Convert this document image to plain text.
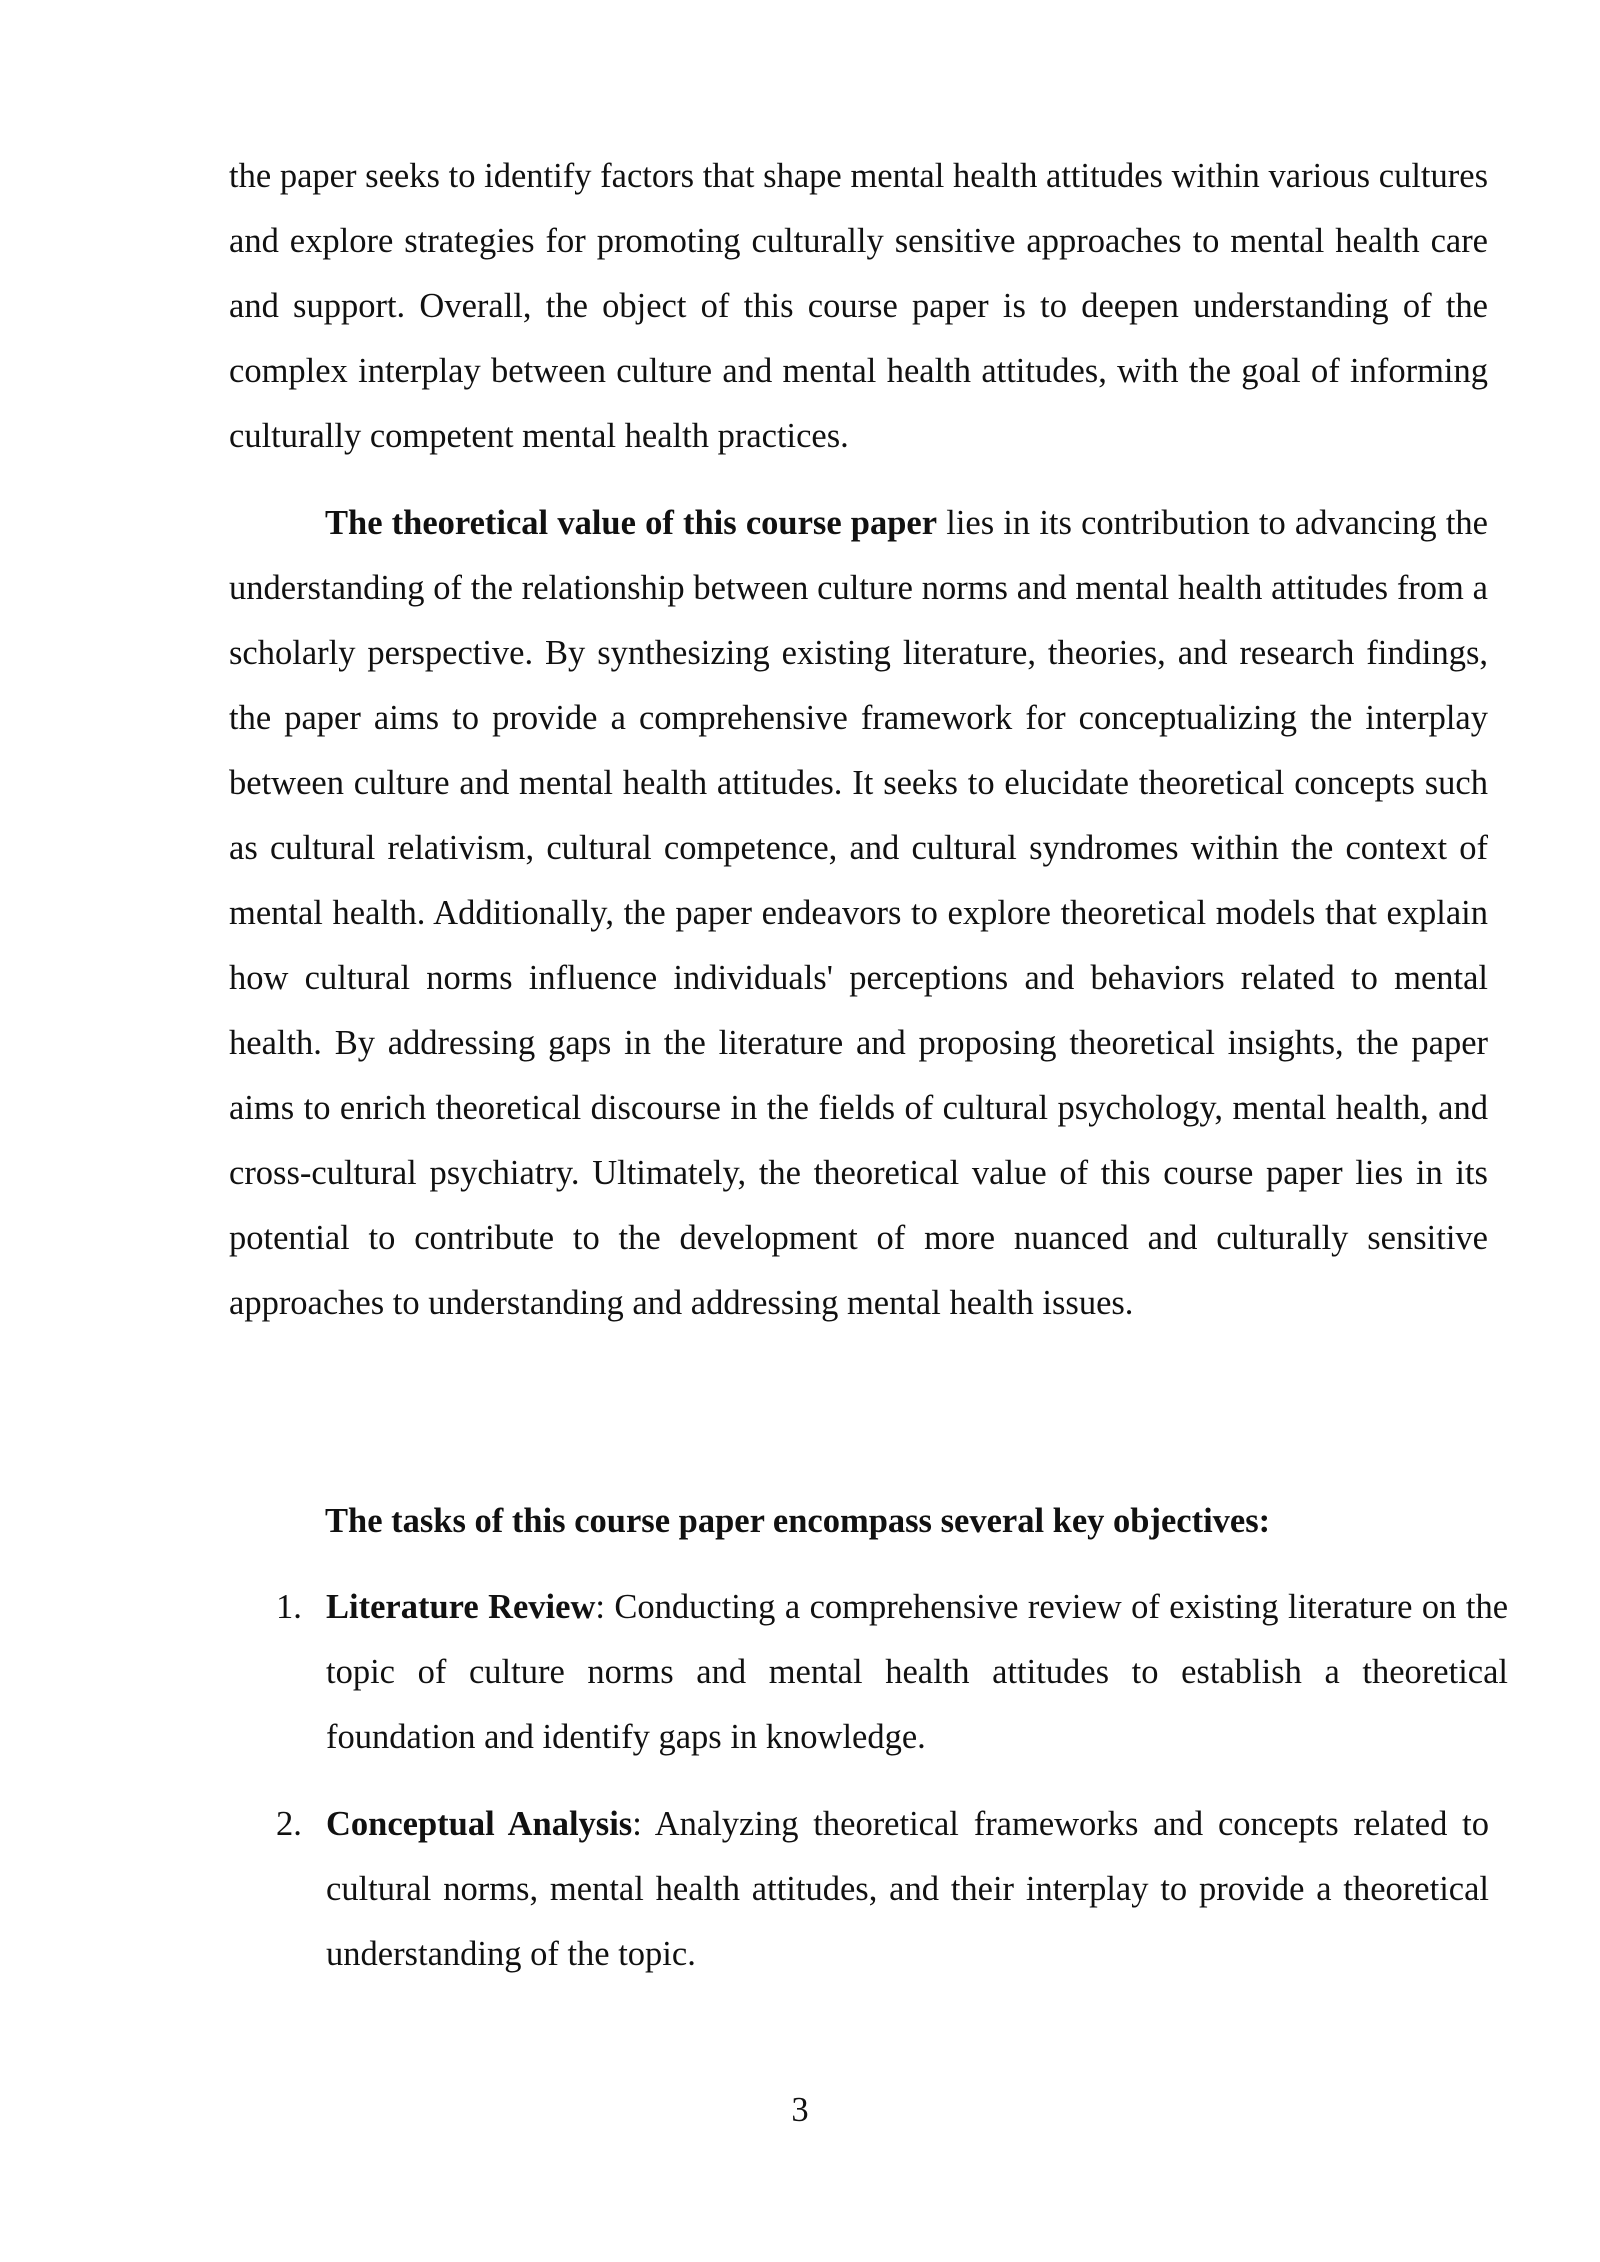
the paper seeks to identify factors that shape mental health attitudes within various cultures and explore strategies for promoting culturally sensitive approaches to mental health care and support. Overall, the object of this course paper is to deepen understanding of the complex interplay between culture and mental health attitudes, with the goal of informing culturally competent mental health practices.

The theoretical value of this course paper lies in its contribution to advancing the understanding of the relationship between culture norms and mental health attitudes from a scholarly perspective. By synthesizing existing literature, theories, and research findings, the paper aims to provide a comprehensive framework for conceptualizing the interplay between culture and mental health attitudes. It seeks to elucidate theoretical concepts such as cultural relativism, cultural competence, and cultural syndromes within the context of mental health. Additionally, the paper endeavors to explore theoretical models that explain how cultural norms influence individuals' perceptions and behaviors related to mental health. By addressing gaps in the literature and proposing theoretical insights, the paper aims to enrich theoretical discourse in the fields of cultural psychology, mental health, and cross-cultural psychiatry. Ultimately, the theoretical value of this course paper lies in its potential to contribute to the development of more nuanced and culturally sensitive approaches to understanding and addressing mental health issues.

The tasks of this course paper encompass several key objectives:

1. Literature Review: Conducting a comprehensive review of existing literature on the topic of culture norms and mental health attitudes to establish a theoretical foundation and identify gaps in knowledge.

2. Conceptual Analysis: Analyzing theoretical frameworks and concepts related to cultural norms, mental health attitudes, and their interplay to provide a theoretical understanding of the topic.

3
